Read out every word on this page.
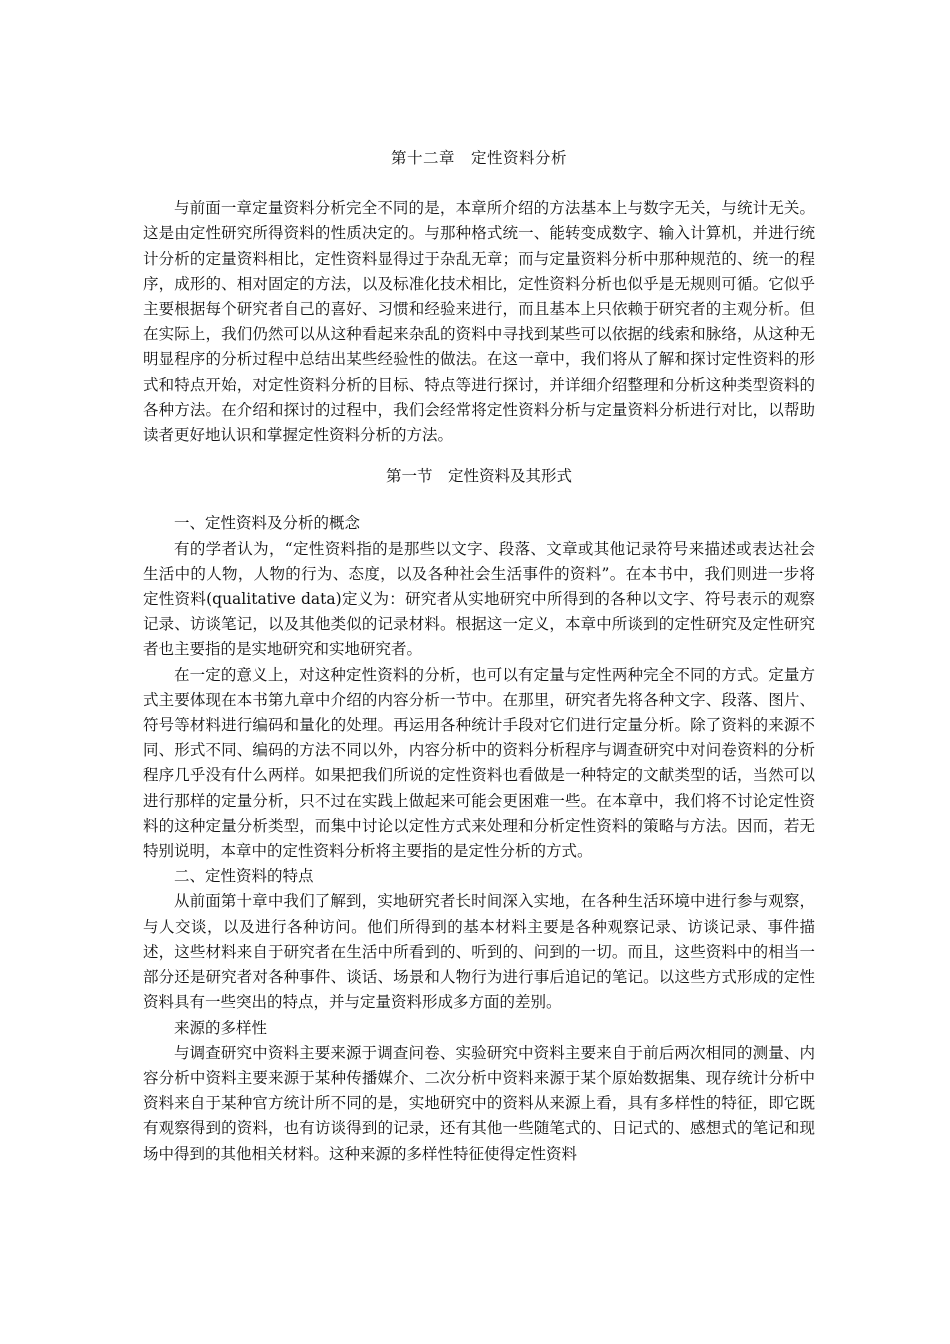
第十二章　定性资料分析

与前面一章定量资料分析完全不同的是，本章所介绍的方法基本上与数字无关，与统计无关。这是由定性研究所得资料的性质决定的。与那种格式统一、能转变成数字、输入计算机，并进行统计分析的定量资料相比，定性资料显得过于杂乱无章；而与定量资料分析中那种规范的、统一的程序，成形的、相对固定的方法，以及标准化技术相比，定性资料分析也似乎是无规则可循。它似乎主要根据每个研究者自己的喜好、习惯和经验来进行，而且基本上只依赖于研究者的主观分析。但在实际上，我们仍然可以从这种看起来杂乱的资料中寻找到某些可以依据的线索和脉络，从这种无明显程序的分析过程中总结出某些经验性的做法。在这一章中，我们将从了解和探讨定性资料的形式和特点开始，对定性资料分析的目标、特点等进行探讨，并详细介绍整理和分析这种类型资料的各种方法。在介绍和探讨的过程中，我们会经常将定性资料分析与定量资料分析进行对比，以帮助读者更好地认识和掌握定性资料分析的方法。

第一节　定性资料及其形式
一、定性资料及分析的概念

有的学者认为，“定性资料指的是那些以文字、段落、文章或其他记录符号来描述或表达社会生活中的人物，人物的行为、态度，以及各种社会生活事件的资料”。在本书中，我们则进一步将定性资料(qualitative data)定义为：研究者从实地研究中所得到的各种以文字、符号表示的观察记录、访谈笔记，以及其他类似的记录材料。根据这一定义，本章中所谈到的定性研究及定性研究者也主要指的是实地研究和实地研究者。

在一定的意义上，对这种定性资料的分析，也可以有定量与定性两种完全不同的方式。定量方式主要体现在本书第九章中介绍的内容分析一节中。在那里，研究者先将各种文字、段落、图片、符号等材料进行编码和量化的处理。再运用各种统计手段对它们进行定量分析。除了资料的来源不同、形式不同、编码的方法不同以外，内容分析中的资料分析程序与调查研究中对问卷资料的分析程序几乎没有什么两样。如果把我们所说的定性资料也看做是一种特定的文献类型的话，当然可以进行那样的定量分析，只不过在实践上做起来可能会更困难一些。在本章中，我们将不讨论定性资料的这种定量分析类型，而集中讨论以定性方式来处理和分析定性资料的策略与方法。因而，若无特别说明，本章中的定性资料分析将主要指的是定性分析的方式。

二、定性资料的特点

从前面第十章中我们了解到，实地研究者长时间深入实地，在各种生活环境中进行参与观察，与人交谈，以及进行各种访问。他们所得到的基本材料主要是各种观察记录、访谈记录、事件描述，这些材料来自于研究者在生活中所看到的、听到的、问到的一切。而且，这些资料中的相当一部分还是研究者对各种事件、谈话、场景和人物行为进行事后追记的笔记。以这些方式形成的定性资料具有一些突出的特点，并与定量资料形成多方面的差别。

来源的多样性

与调查研究中资料主要来源于调查问卷、实验研究中资料主要来自于前后两次相同的测量、内容分析中资料主要来源于某种传播媒介、二次分析中资料来源于某个原始数据集、现存统计分析中资料来自于某种官方统计所不同的是，实地研究中的资料从来源上看，具有多样性的特征，即它既有观察得到的资料，也有访谈得到的记录，还有其他一些随笔式的、日记式的、感想式的笔记和现场中得到的其他相关材料。这种来源的多样性特征使得定性资料
